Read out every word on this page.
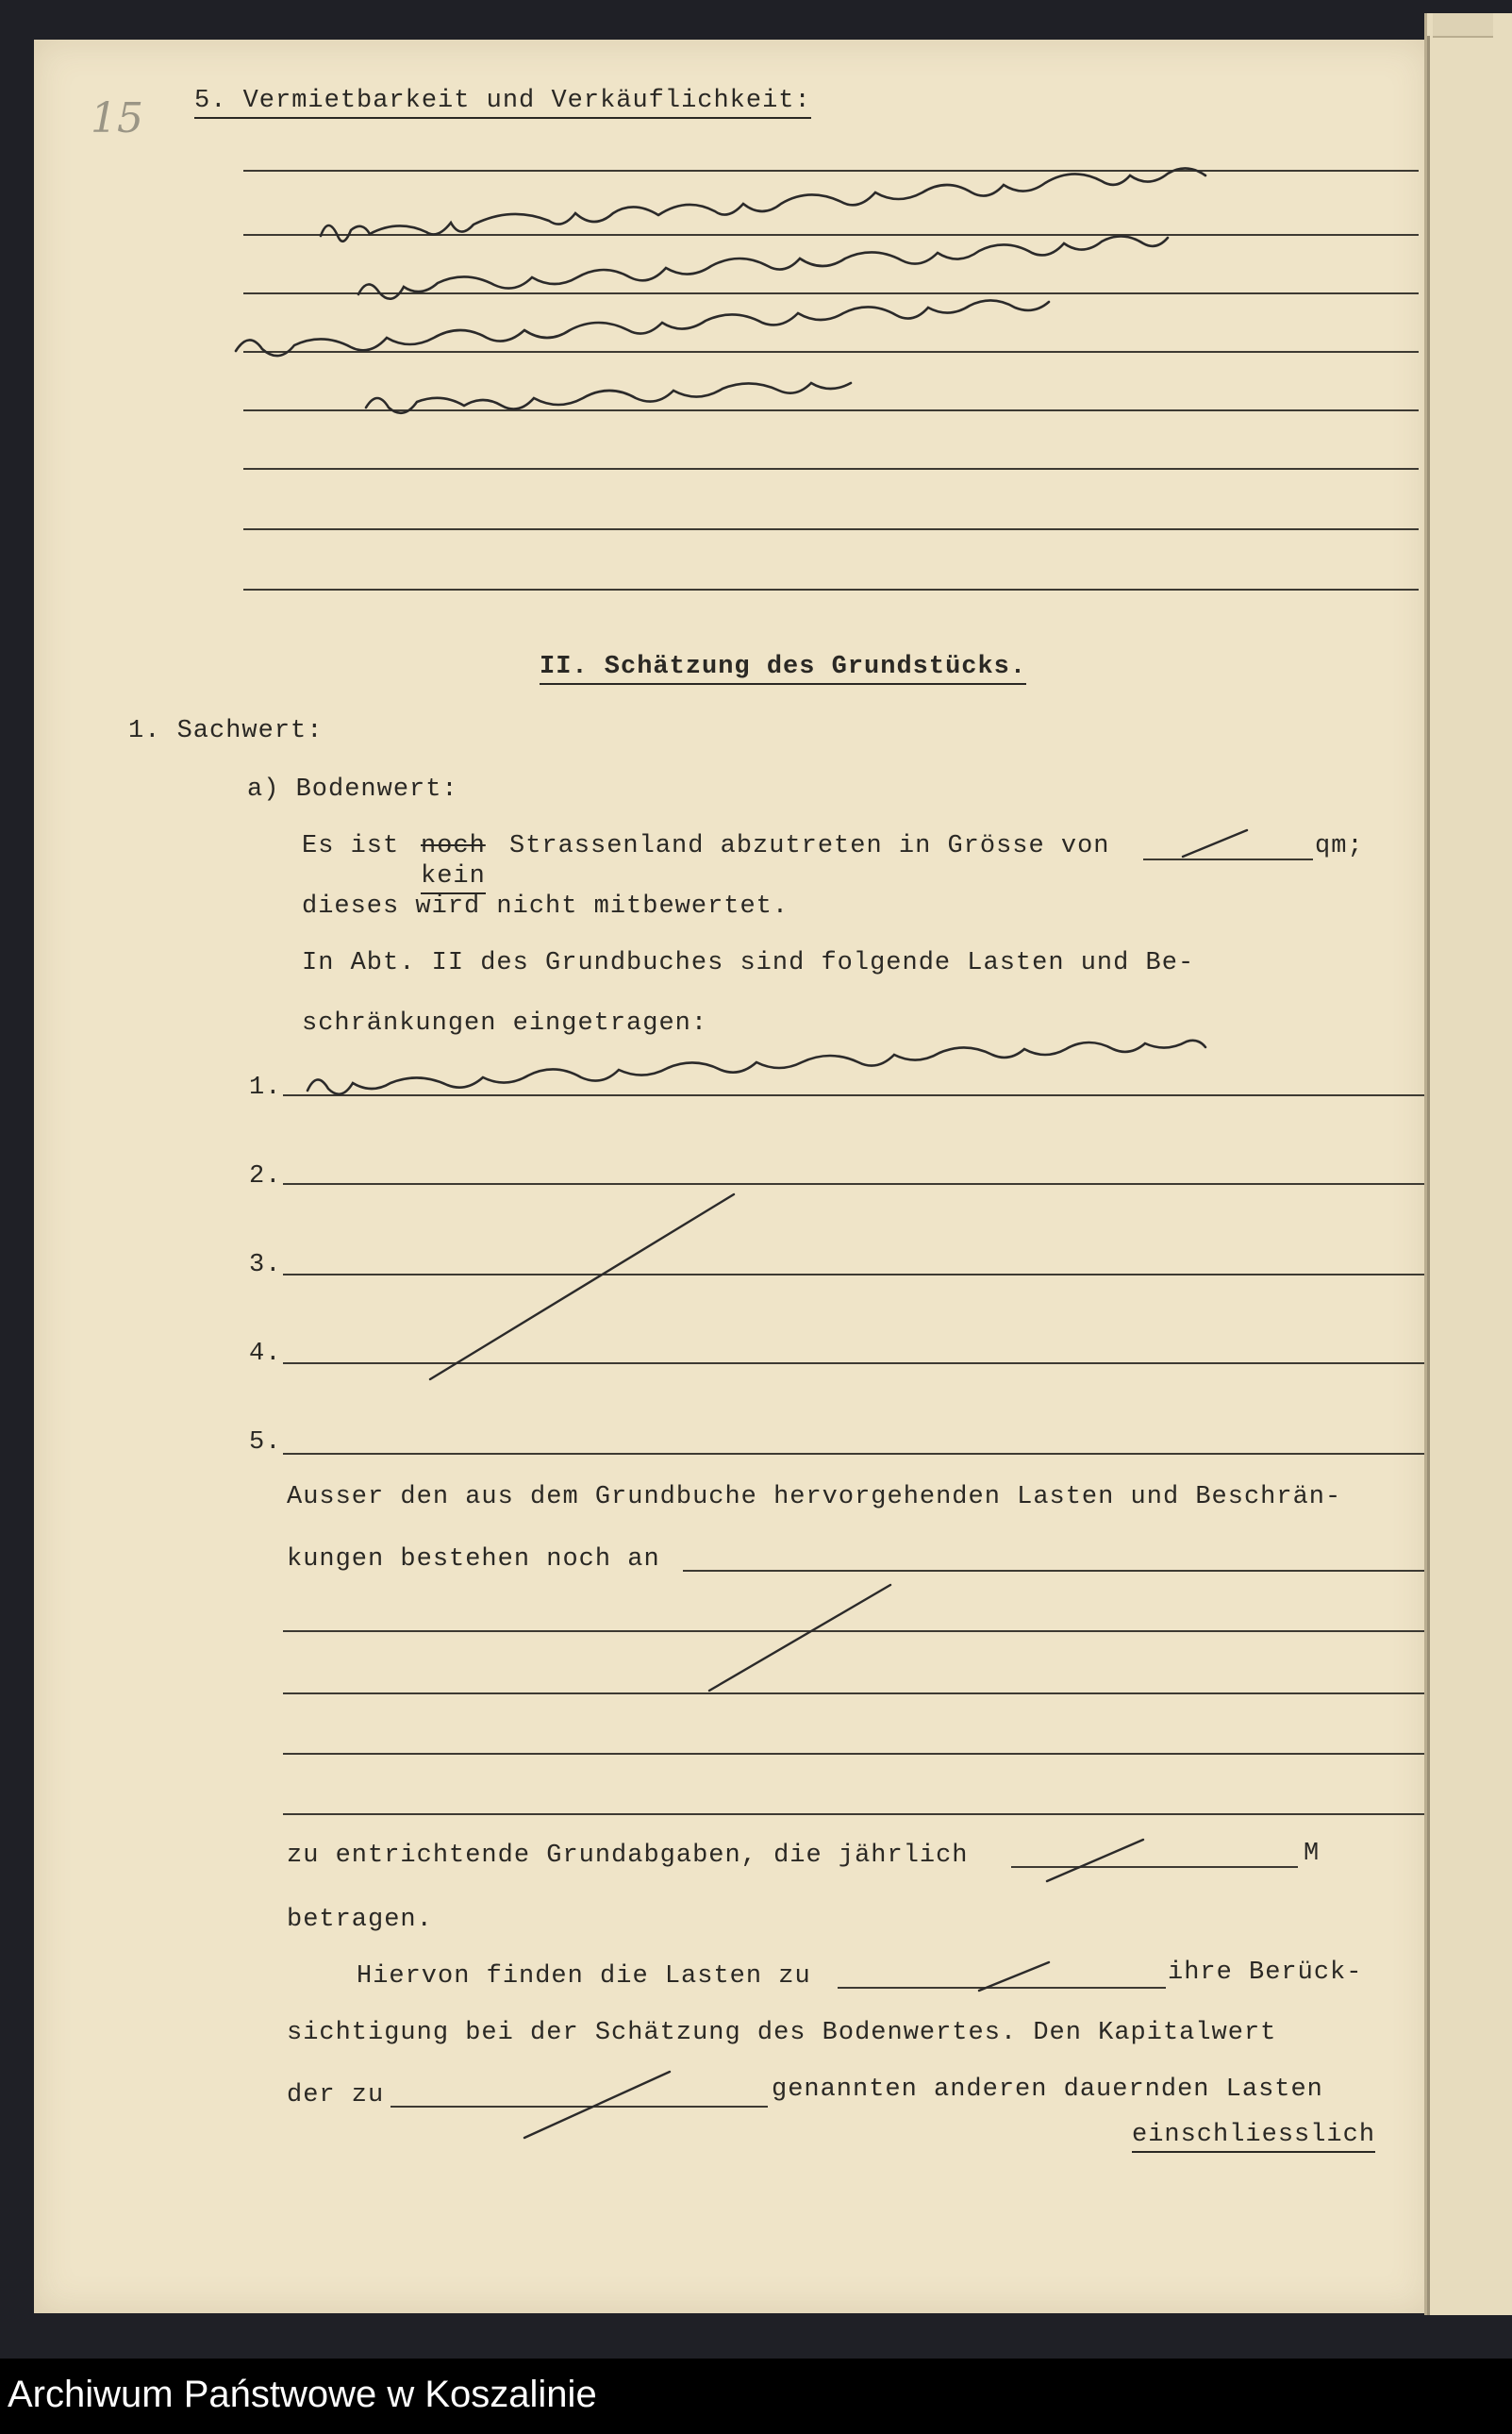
15 5. Vermietbarkeit und Verkäuflichkeit:
II. Schätzung des Grundstücks.
1. Sachwert:
a) Bodenwert:
Es ist noch
kein
Strassenland abzutreten in Grösse von	qm;
dieses wird nicht mitbewertet.
In Abt. II des Grundbuches sind folgende Lasten und Be-
schränkungen eingetragen:
1.
2.
3.
4.
5.
Ausser den aus dem Grundbuche hervorgehenden Lasten und Beschrän-
kungen bestehen noch an
zu entrichtende Grundabgaben, die jährlich	M
betragen.
Hiervon finden die Lasten zu	ihre Berück-
sichtigung bei der Schätzung des Bodenwertes. Den Kapitalwert
der zu	genannten anderen dauernden Lasten
einschliesslich
Archiwum Państwowe w Koszalinie
